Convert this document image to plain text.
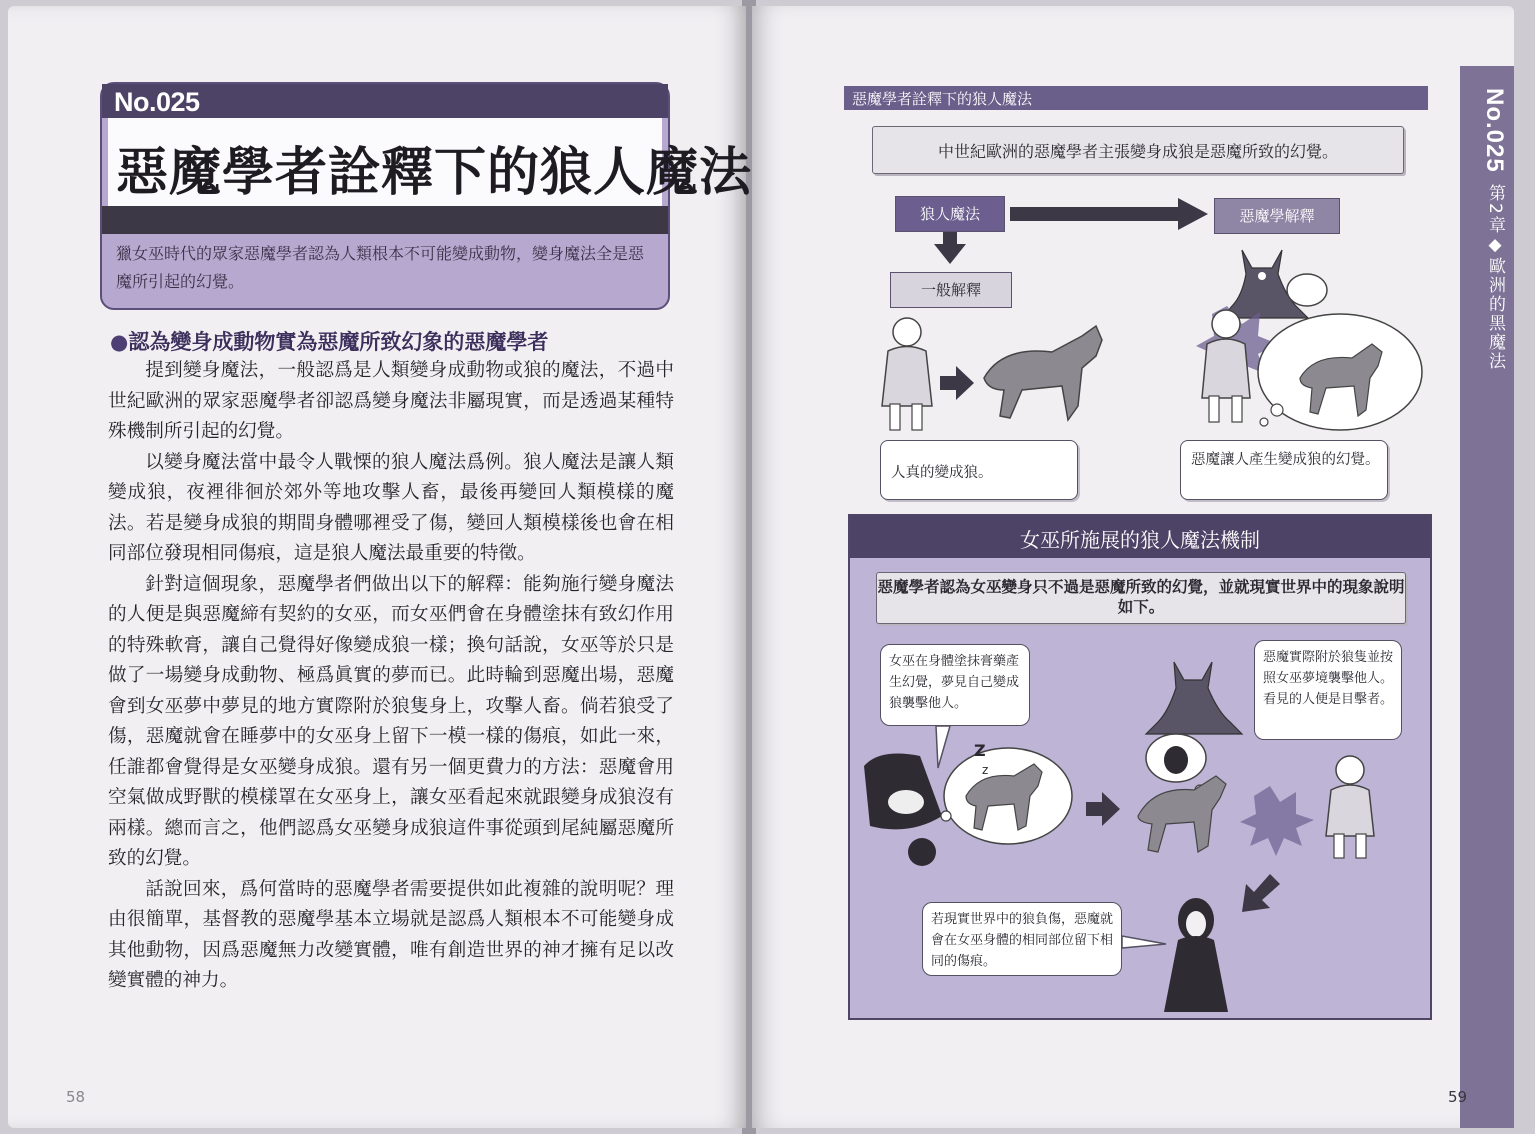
No.025
惡魔學者詮釋下的狼人魔法
獵女巫時代的眾家惡魔學者認為人類根本不可能變成動物，變身魔法全是惡魔所引起的幻覺。
●認為變身成動物實為惡魔所致幻象的惡魔學者

提到變身魔法，一般認爲是人類變身成動物或狼的魔法，不過中世紀歐洲的眾家惡魔學者卻認爲變身魔法非屬現實，而是透過某種特殊機制所引起的幻覺。

以變身魔法當中最令人戰慄的狼人魔法爲例。狼人魔法是讓人類變成狼，夜裡徘徊於郊外等地攻擊人畜，最後再變回人類模樣的魔法。若是變身成狼的期間身體哪裡受了傷，變回人類模樣後也會在相同部位發現相同傷痕，這是狼人魔法最重要的特徵。

針對這個現象，惡魔學者們做出以下的解釋：能夠施行變身魔法的人便是與惡魔締有契約的女巫，而女巫們會在身體塗抹有致幻作用的特殊軟膏，讓自己覺得好像變成狼一樣；換句話說，女巫等於只是做了一場變身成動物、極爲眞實的夢而已。此時輪到惡魔出場，惡魔會到女巫夢中夢見的地方實際附於狼隻身上，攻擊人畜。倘若狼受了傷，惡魔就會在睡夢中的女巫身上留下一模一樣的傷痕，如此一來，任誰都會覺得是女巫變身成狼。還有另一個更費力的方法：惡魔會用空氣做成野獸的模樣罩在女巫身上，讓女巫看起來就跟變身成狼沒有兩樣。總而言之，他們認爲女巫變身成狼這件事從頭到尾純屬惡魔所致的幻覺。

話說回來，爲何當時的惡魔學者需要提供如此複雜的說明呢？理由很簡單，基督教的惡魔學基本立場就是認爲人類根本不可能變身成其他動物，因爲惡魔無力改變實體，唯有創造世界的神才擁有足以改變實體的神力。

58
No.025
第2章◆歐洲的黑魔法
惡魔學者詮釋下的狼人魔法
中世紀歐洲的惡魔學者主張變身成狼是惡魔所致的幻覺。
狼人魔法	惡魔學解釋
一般解釋
人真的變成狼。
惡魔讓人產生變成狼的幻覺。
女巫所施展的狼人魔法機制
惡魔學者認為女巫變身只不過是惡魔所致的幻覺，並就現實世界中的現象說明如下。
Z
z
女巫在身體塗抹膏藥產生幻覺，夢見自己變成狼襲擊他人。
惡魔實際附於狼隻並按照女巫夢境襲擊他人。看見的人便是目擊者。
若現實世界中的狼負傷，惡魔就會在女巫身體的相同部位留下相同的傷痕。
59
